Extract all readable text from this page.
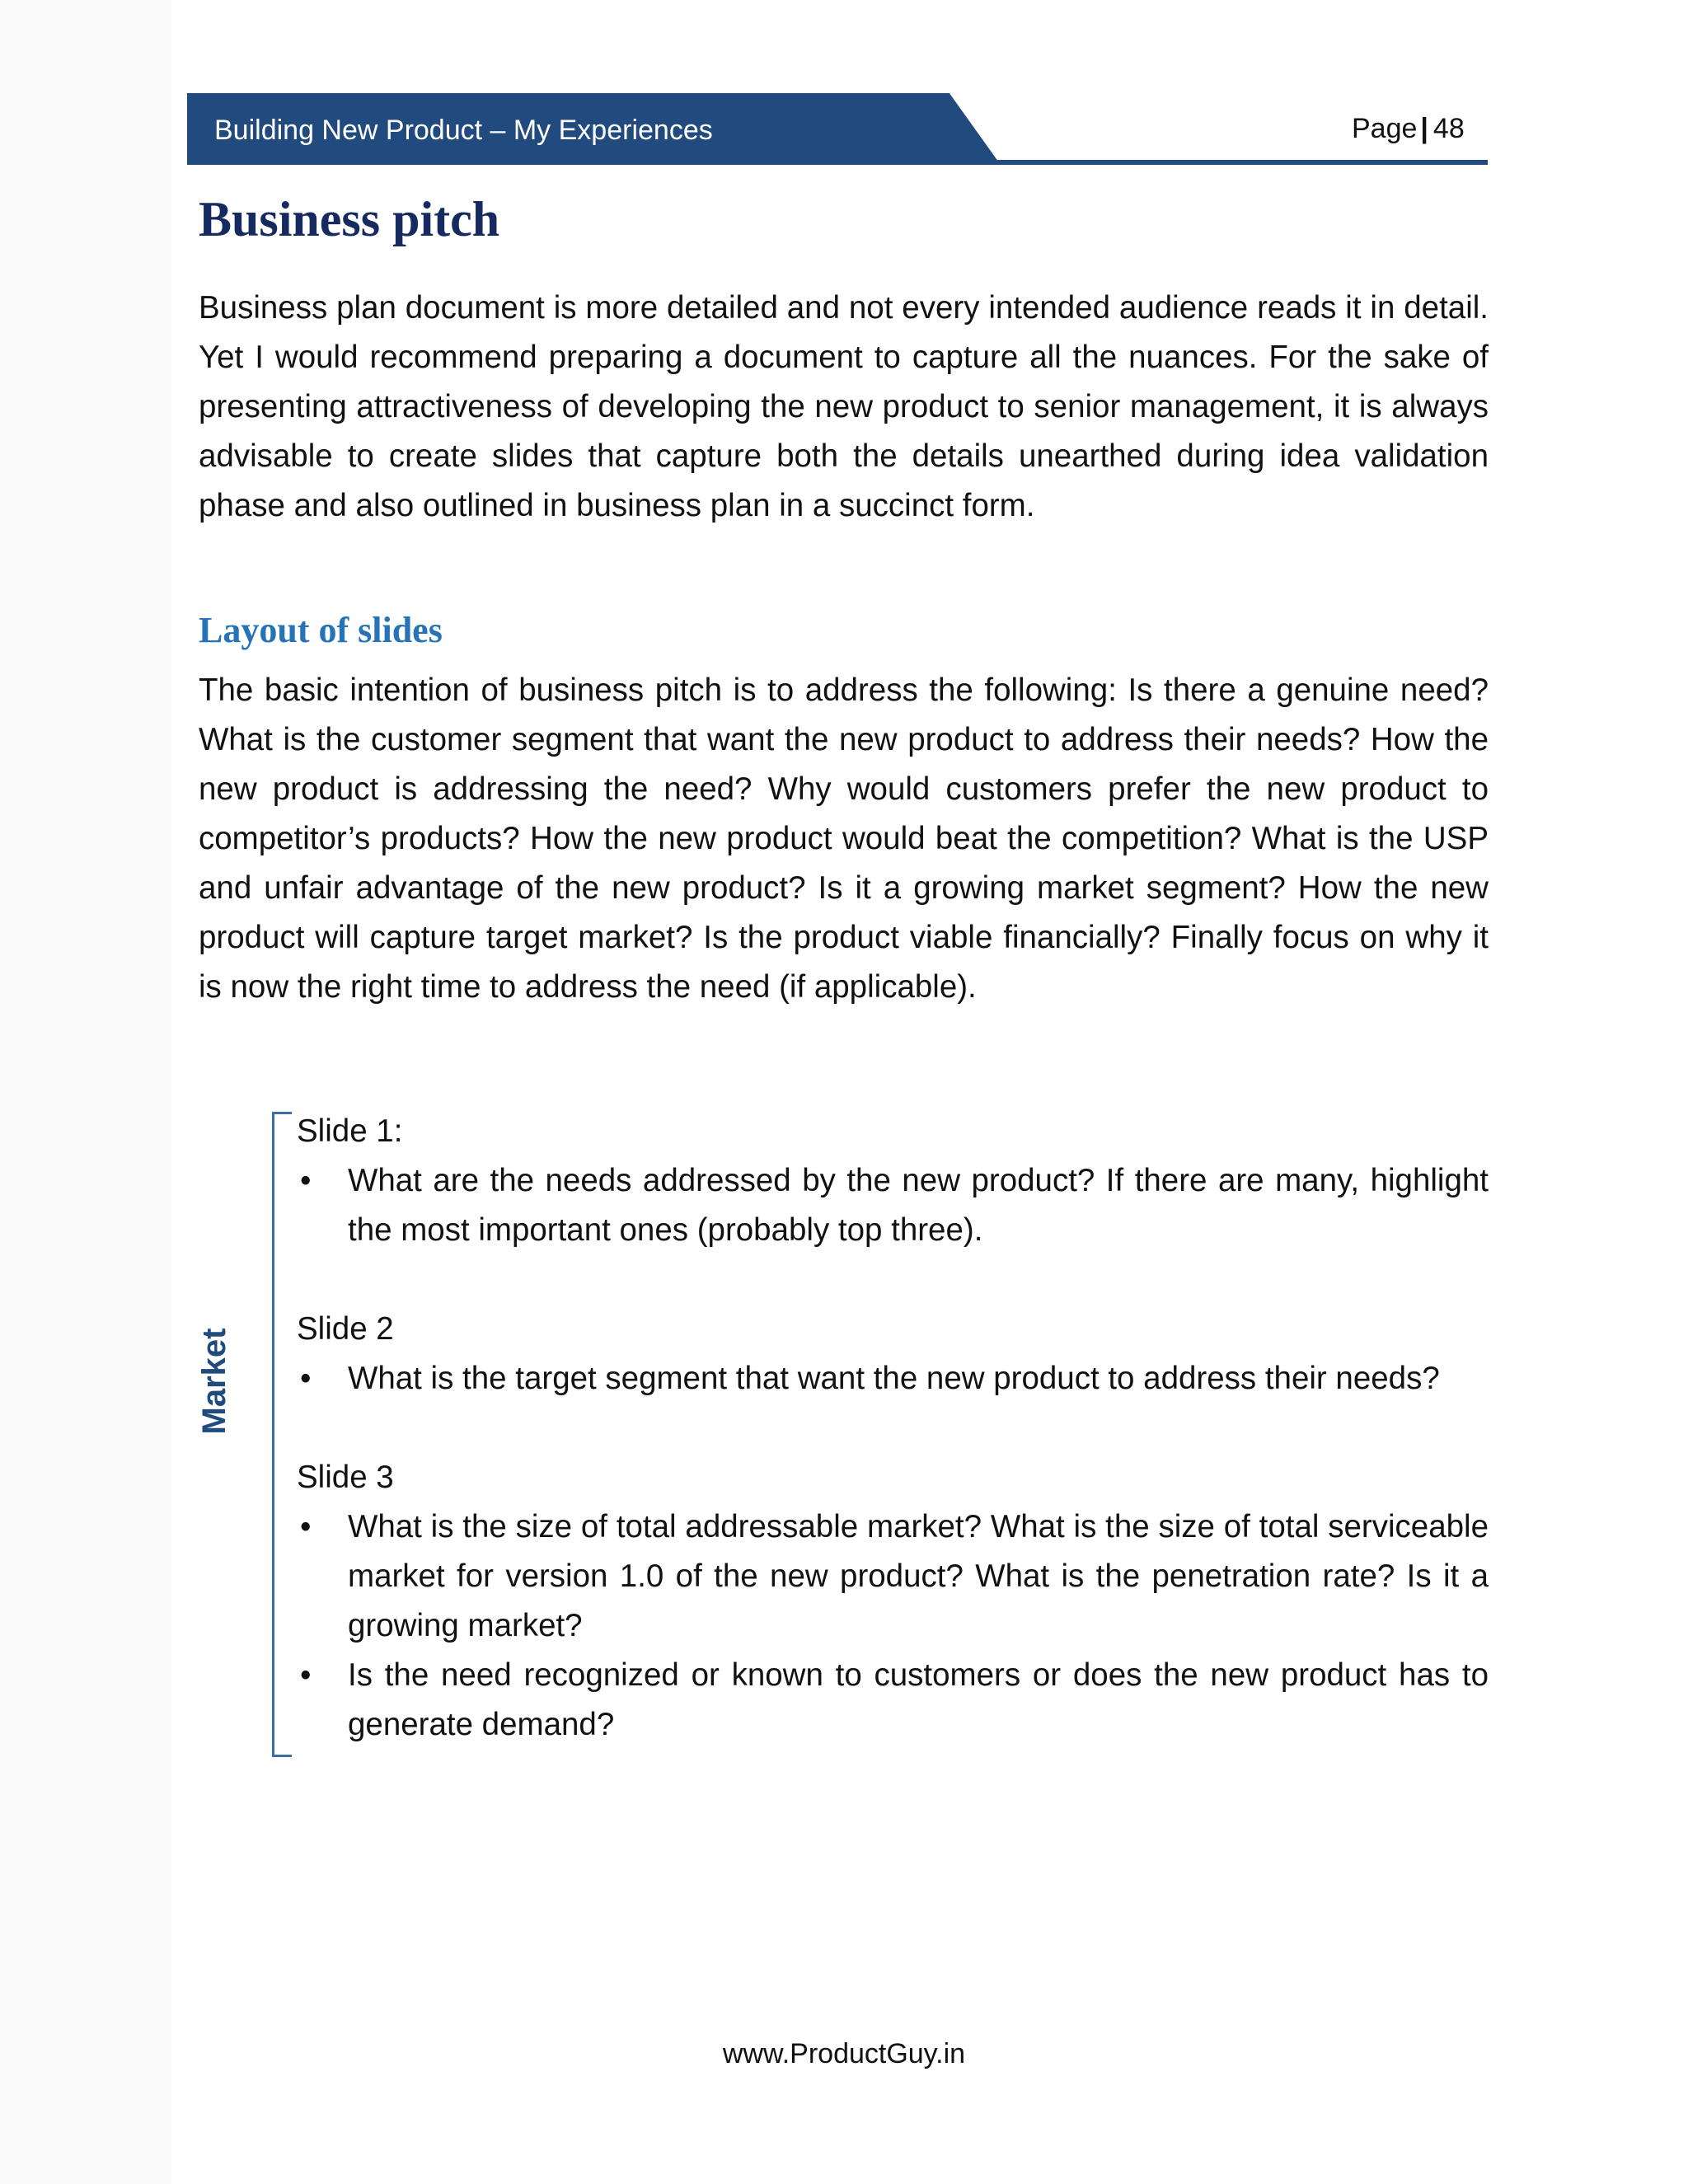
Building New Product – My Experiences	Page | 48
Business pitch

Business plan document is more detailed and not every intended audience reads it in detail. Yet I would recommend preparing a document to capture all the nuances. For the sake of presenting attractiveness of developing the new product to senior management, it is always advisable to create slides that capture both the details unearthed during idea validation phase and also outlined in business plan in a succinct form.

Layout of slides

The basic intention of business pitch is to address the following: Is there a genuine need? What is the customer segment that want the new product to address their needs? How the new product is addressing the need? Why would customers prefer the new product to competitor’s products? How the new product would beat the competition? What is the USP and unfair advantage of the new product? Is it a growing market segment? How the new product will capture target market? Is the product viable financially? Finally focus on why it is now the right time to address the need (if applicable).

Market
Slide 1:
• What are the needs addressed by the new product? If there are many, highlight the most important ones (probably top three).
Slide 2
• What is the target segment that want the new product to address their needs?
Slide 3
• What is the size of total addressable market? What is the size of total serviceable market for version 1.0 of the new product? What is the penetration rate? Is it a growing market?
• Is the need recognized or known to customers or does the new product has to generate demand?
www.ProductGuy.in
